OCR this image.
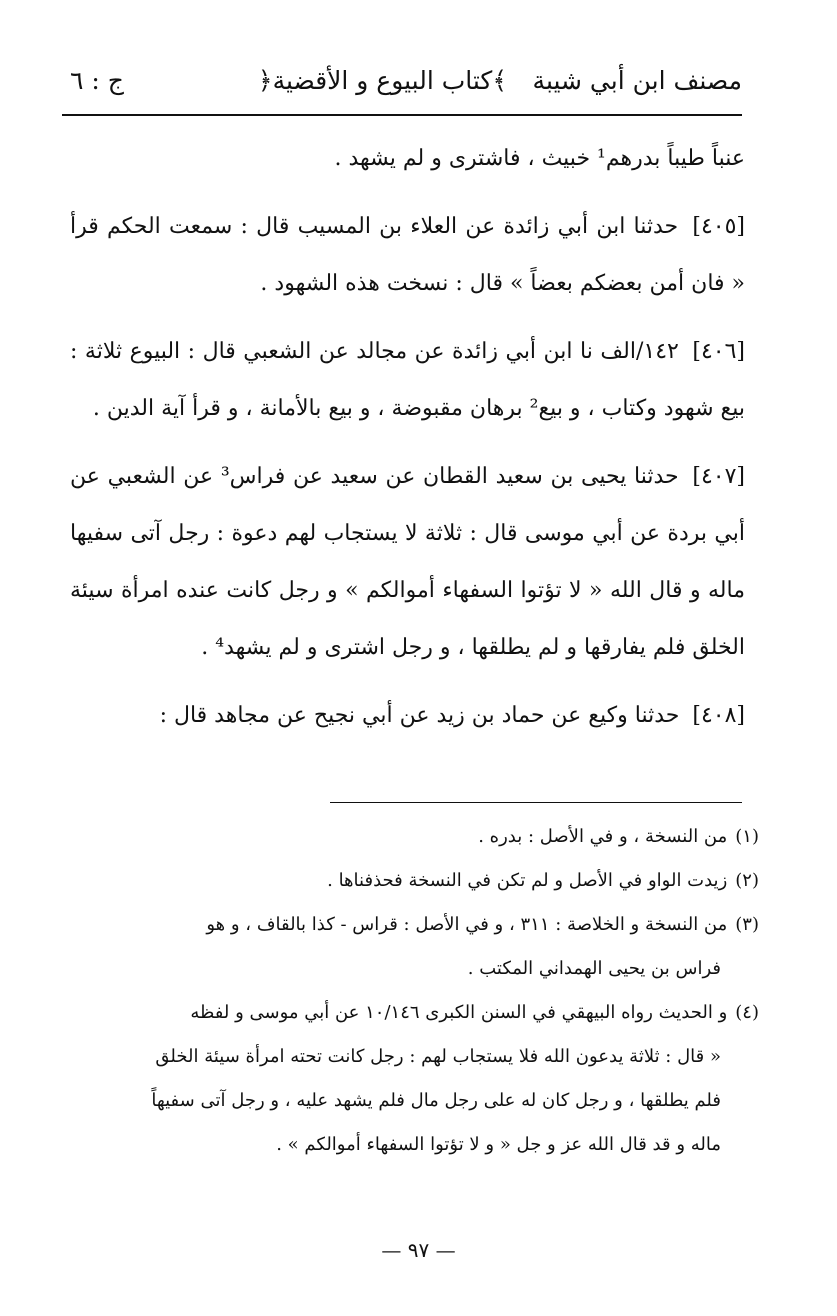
مصنف ابن أبي شيبة
﴿كتاب البيوع و الأقضية﴾
ج : ٦

عنباً طيباً بدرهم¹ خبيث ، فاشترى و لم يشهد .

[٤٠٥] حدثنا ابن أبي زائدة عن العلاء بن المسيب قال : سمعت الحكم قرأ « فان أمن بعضكم بعضاً » قال : نسخت هذه الشهود .

[٤٠٦] ١٤٢/الف نا ابن أبي زائدة عن مجالد عن الشعبي قال : البيوع ثلاثة : بيع شهود وكتاب ، و بيع² برهان مقبوضة ، و بيع بالأمانة ، و قرأ آية الدين .

[٤٠٧] حدثنا يحيى بن سعيد القطان عن سعيد عن فراس³ عن الشعبي عن أبي بردة عن أبي موسى قال : ثلاثة لا يستجاب لهم دعوة : رجل آتى سفيها ماله و قال الله « لا تؤتوا السفهاء أموالكم » و رجل كانت عنده امرأة سيئة الخلق فلم يفارقها و لم يطلقها ، و رجل اشترى و لم يشهد⁴ .

[٤٠٨] حدثنا وكيع عن حماد بن زيد عن أبي نجيح عن مجاهد قال :

(١)من النسخة ، و في الأصل : بدره .

(٢)زيدت الواو في الأصل و لم تكن في النسخة فحذفناها .

(٣)من النسخة و الخلاصة : ٣١١ ، و في الأصل : قراس - كذا بالقاف ، و هو

فراس بن يحيى الهمداني المكتب .

(٤)و الحديث رواه البيهقي في السنن الكبرى ١٠/١٤٦ عن أبي موسى و لفظه

« قال : ثلاثة يدعون الله فلا يستجاب لهم : رجل كانت تحته امرأة سيئة الخلق

فلم يطلقها ، و رجل كان له على رجل مال فلم يشهد عليه ، و رجل آتى سفيهاً

ماله و قد قال الله عز و جل « و لا تؤتوا السفهاء أموالكم » .

— ٩٧ —
